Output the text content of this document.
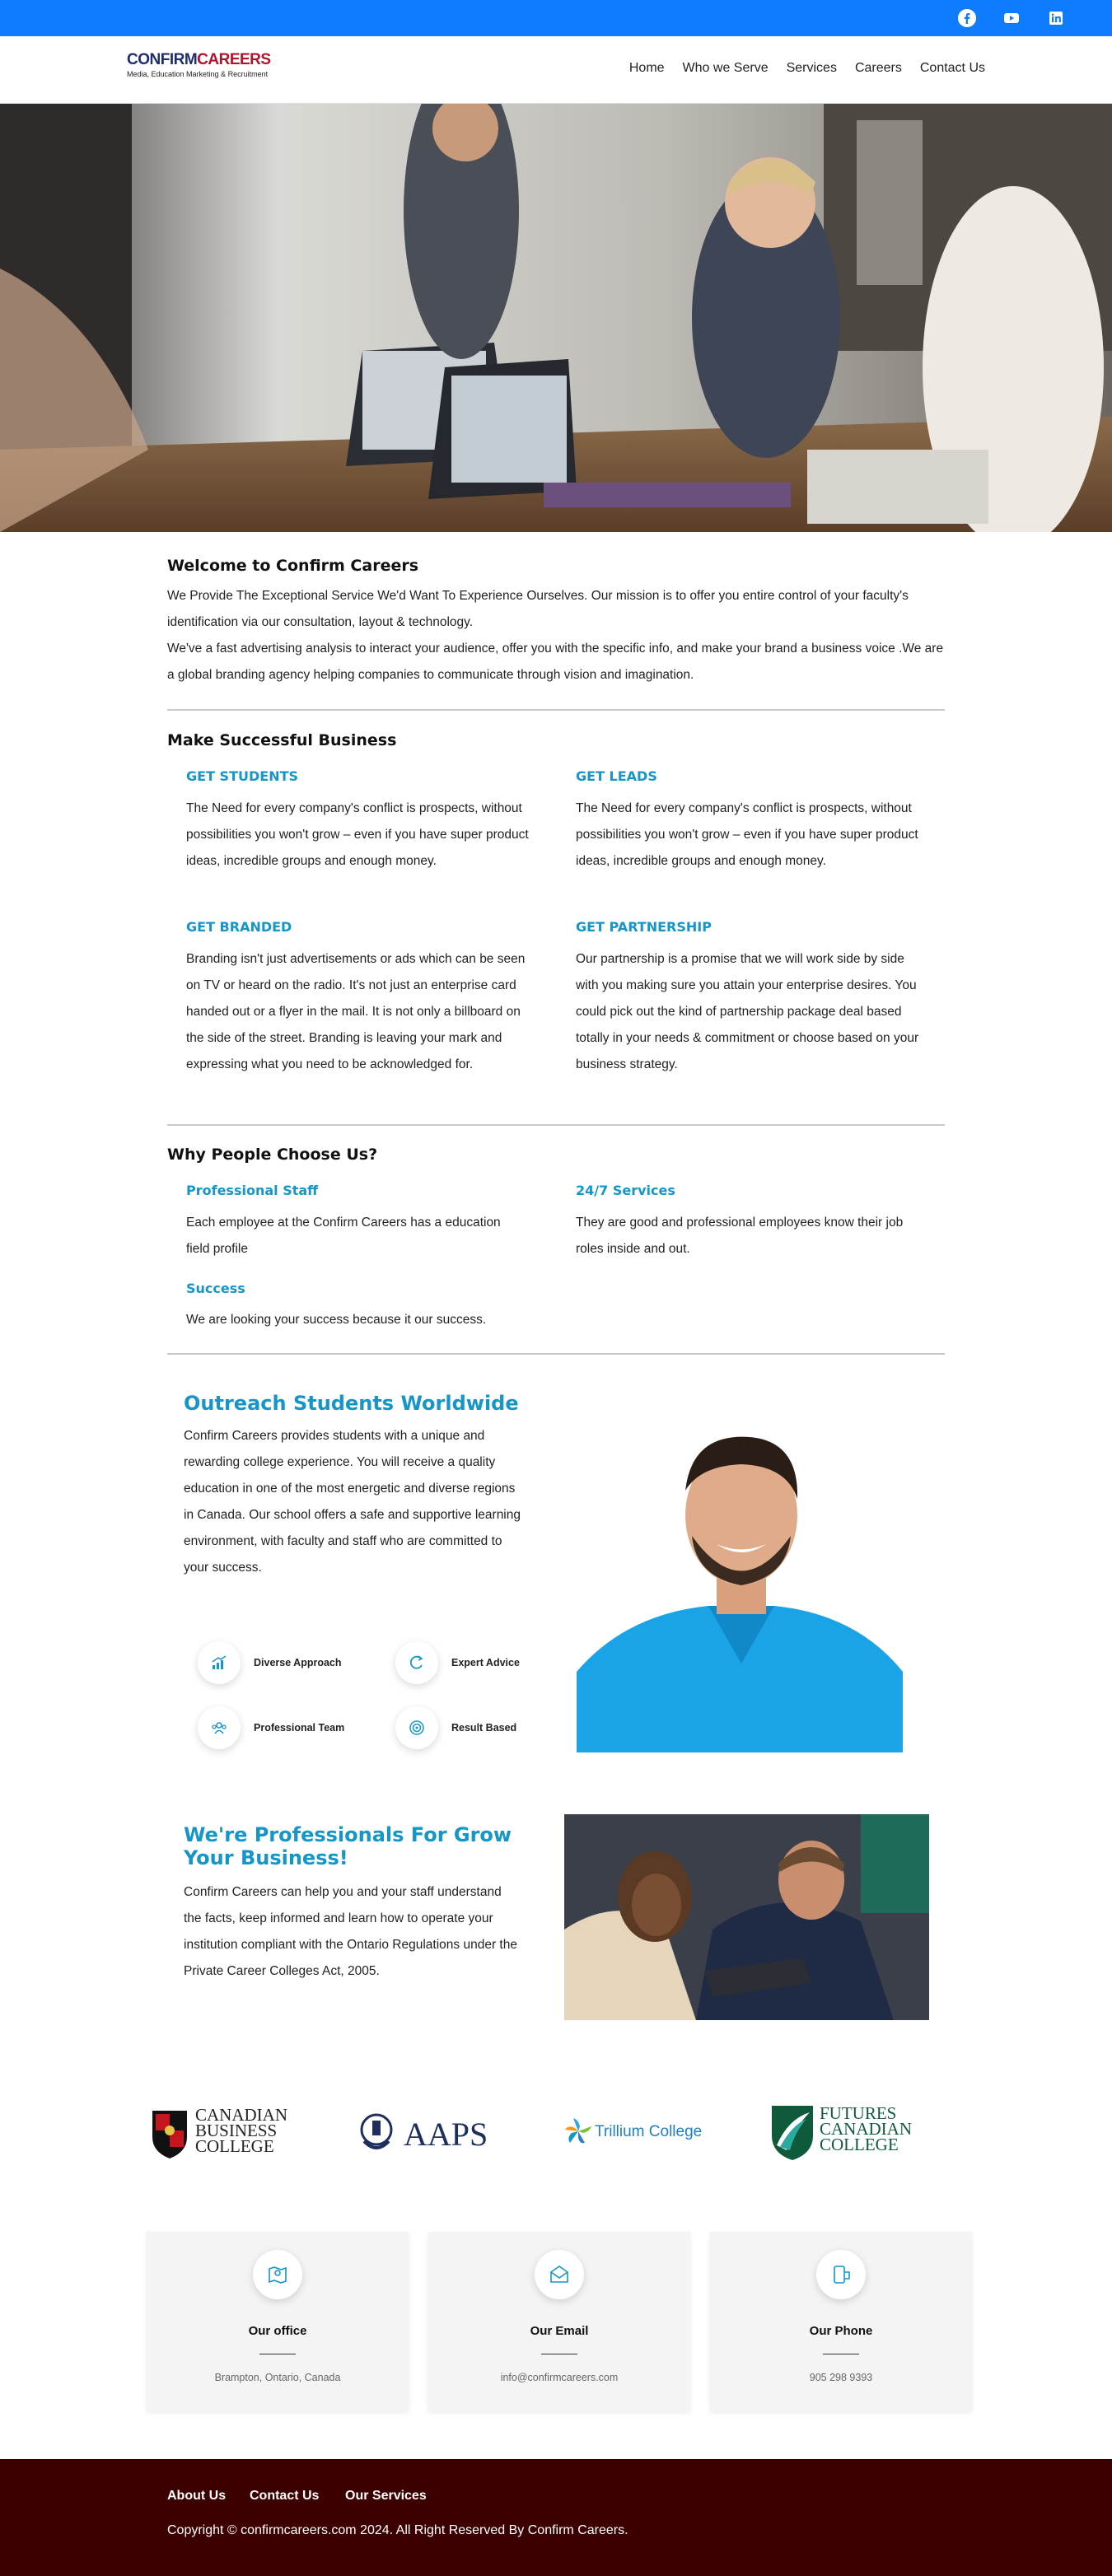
CONFIRMCAREERS
Media, Education Marketing & Recruitment	Home Who we Serve Services Careers Contact Us
Welcome to Confirm Careers

We Provide The Exceptional Service We'd Want To Experience Ourselves. Our mission is to offer you entire control of your faculty's identification via our consultation, layout & technology.

We've a fast advertising analysis to interact your audience, offer you with the specific info, and make your brand a business voice .We are a global branding agency helping companies to communicate through vision and imagination.

Make Successful Business
GET STUDENTS
The Need for every company's conflict is prospects, without possibilities you won't grow – even if you have super product ideas, incredible groups and enough money.
GET LEADS
The Need for every company's conflict is prospects, without possibilities you won't grow – even if you have super product ideas, incredible groups and enough money.
GET BRANDED
Branding isn't just advertisements or ads which can be seen on TV or heard on the radio. It's not just an enterprise card handed out or a flyer in the mail. It is not only a billboard on the side of the street. Branding is leaving your mark and expressing what you need to be acknowledged for.
GET PARTNERSHIP
Our partnership is a promise that we will work side by side with you making sure you attain your enterprise desires. You could pick out the kind of partnership package deal based totally in your needs & commitment or choose based on your business strategy.
Why People Choose Us?
Professional Staff
Each employee at the Confirm Careers has a education field profile
24/7 Services
They are good and professional employees know their job roles inside and out.
Success
We are looking your success because it our success.
Outreach Students Worldwide
Confirm Careers provides students with a unique and rewarding college experience. You will receive a quality education in one of the most energetic and diverse regions in Canada. Our school offers a safe and supportive learning environment, with faculty and staff who are committed to your success.
Diverse Approach	Expert Advice
Professional Team	Result Based
We're Professionals For Grow
Your Business!
Confirm Careers can help you and your staff understand the facts, keep informed and learn how to operate your institution compliant with the Ontario Regulations under the Private Career Colleges Act, 2005.
CANADIAN
BUSINESS
COLLEGE	AAPS	Trillium College
FUTURES
CANADIAN
COLLEGE
Our office
Brampton, Ontario, Canada
Our Email
info@confirmcareers.com
Our Phone
905 298 9393
About Us Contact Us Our Services
Copyright © confirmcareers.com 2024. All Right Reserved By Confirm Careers.
